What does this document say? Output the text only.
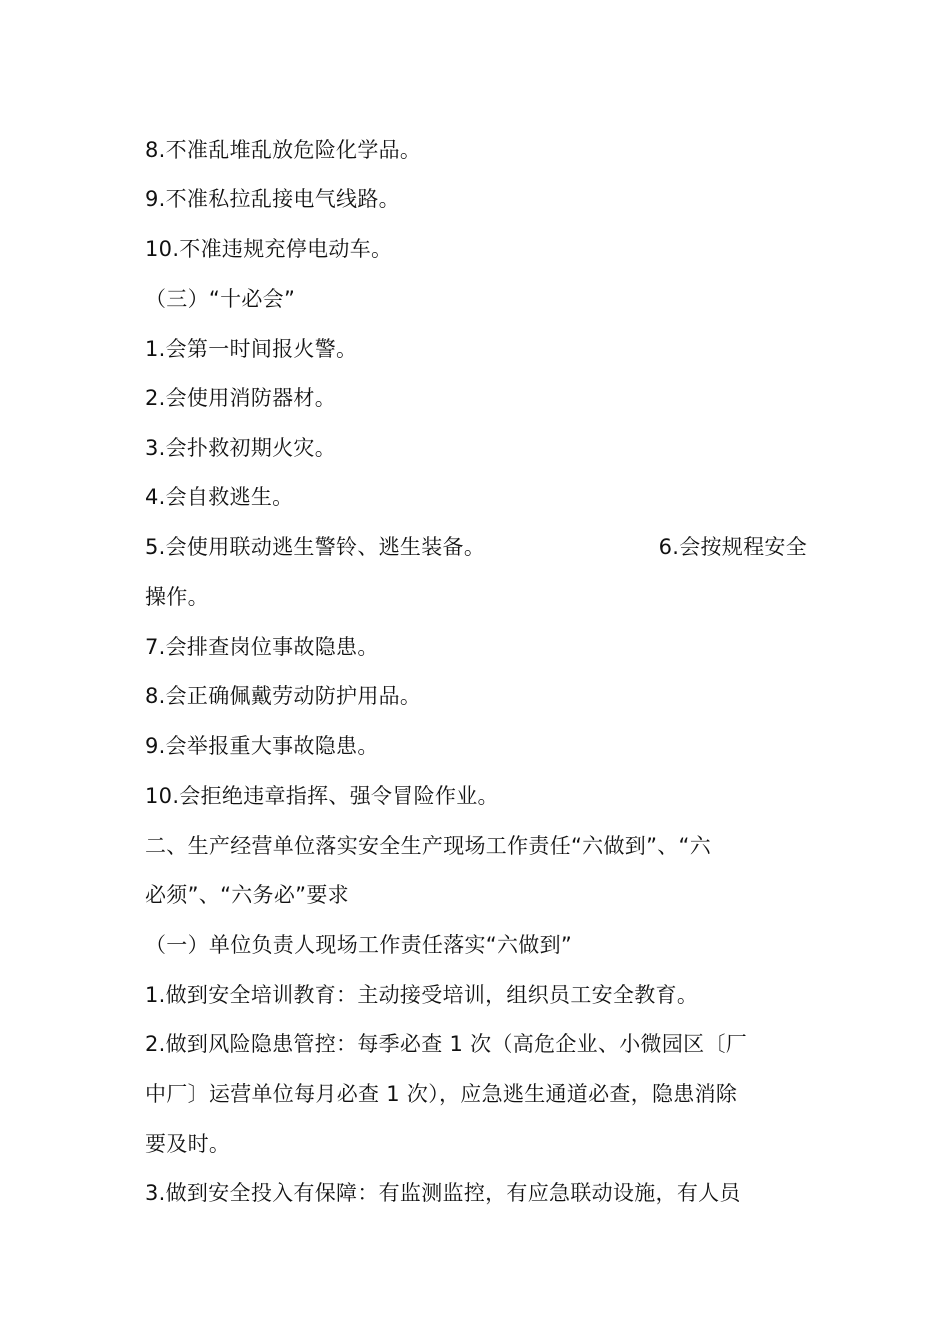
8.不准乱堆乱放危险化学品。
9.不准私拉乱接电气线路。
10.不准违规充停电动车。
（三）“十必会”
1.会第一时间报火警。
2.会使用消防器材。
3.会扑救初期火灾。
4.会自救逃生。
5.会使用联动逃生警铃、逃生装备。	6.会按规程安全
操作。
7.会排查岗位事故隐患。
8.会正确佩戴劳动防护用品。
9.会举报重大事故隐患。
10.会拒绝违章指挥、强令冒险作业。
二、生产经营单位落实安全生产现场工作责任“六做到”、“六
必须”、“六务必”要求
（一）单位负责人现场工作责任落实“六做到”
1.做到安全培训教育：主动接受培训，组织员工安全教育。
2.做到风险隐患管控：每季必查 1 次（高危企业、小微园区〔厂
中厂〕运营单位每月必查 1 次），应急逃生通道必查，隐患消除
要及时。
3.做到安全投入有保障：有监测监控，有应急联动设施，有人员
